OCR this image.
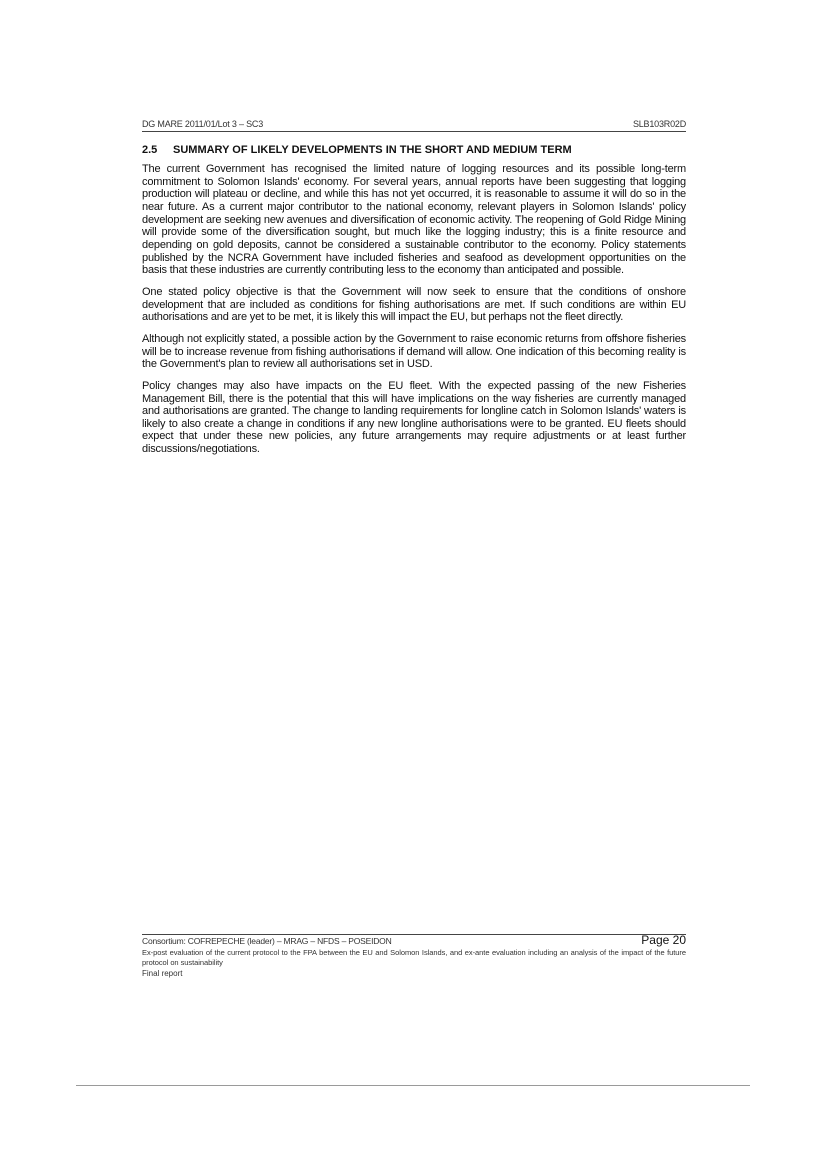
DG MARE 2011/01/Lot 3 – SC3	SLB103R02D
2.5 SUMMARY OF LIKELY DEVELOPMENTS IN THE SHORT AND MEDIUM TERM

The current Government has recognised the limited nature of logging resources and its possible long-term commitment to Solomon Islands' economy. For several years, annual reports have been suggesting that logging production will plateau or decline, and while this has not yet occurred, it is reasonable to assume it will do so in the near future. As a current major contributor to the national economy, relevant players in Solomon Islands' policy development are seeking new avenues and diversification of economic activity. The reopening of Gold Ridge Mining will provide some of the diversification sought, but much like the logging industry; this is a finite resource and depending on gold deposits, cannot be considered a sustainable contributor to the economy. Policy statements published by the NCRA Government have included fisheries and seafood as development opportunities on the basis that these industries are currently contributing less to the economy than anticipated and possible.

One stated policy objective is that the Government will now seek to ensure that the conditions of onshore development that are included as conditions for fishing authorisations are met. If such conditions are within EU authorisations and are yet to be met, it is likely this will impact the EU, but perhaps not the fleet directly.

Although not explicitly stated, a possible action by the Government to raise economic returns from offshore fisheries will be to increase revenue from fishing authorisations if demand will allow. One indication of this becoming reality is the Government's plan to review all authorisations set in USD.

Policy changes may also have impacts on the EU fleet. With the expected passing of the new Fisheries Management Bill, there is the potential that this will have implications on the way fisheries are currently managed and authorisations are granted. The change to landing requirements for longline catch in Solomon Islands' waters is likely to also create a change in conditions if any new longline authorisations were to be granted. EU fleets should expect that under these new policies, any future arrangements may require adjustments or at least further discussions/negotiations.

Consortium: COFREPECHE (leader) – MRAG – NFDS – POSEIDON	Page 20
Ex-post evaluation of the current protocol to the FPA between the EU and Solomon Islands, and ex-ante evaluation including an analysis of the impact of the future protocol on sustainability
Final report
